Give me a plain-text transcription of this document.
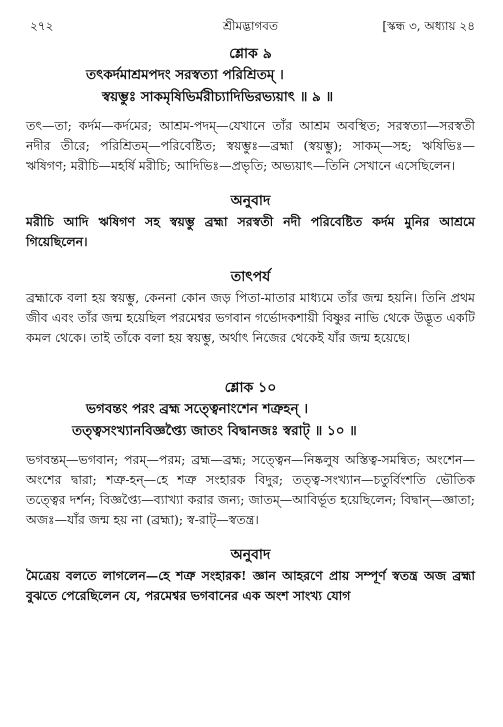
২৭২	শ্রীমদ্ভাগবত	[স্কন্ধ ৩, অধ্যায় ২৪
শ্লোক ৯
তৎকর্দমাশ্রমপদং সরস্বত্যা পরিশ্রিতম্‌ ।
স্বয়ম্ভুঃ সাকমৃষিভির্মরীচ্যাদিভিরভ্যয়াৎ ॥ ৯ ॥
তৎ—তা; কর্দম—কর্দমের; আশ্রম-পদম্‌—যেখানে তাঁর আশ্রম অবস্থিত; সরস্বত্যা—সরস্বতী নদীর তীরে; পরিশ্রিতম্‌—পরিবেষ্টিত; স্বয়ম্ভুঃ—ব্রহ্মা (স্বয়ম্ভু); সাকম্‌—সহ; ঋষিভিঃ—ঋষিগণ; মরীচি—মহর্ষি মরীচি; আদিভিঃ—প্রভৃতি; অভ্যয়াৎ—তিনি সেখানে এসেছিলেন।
অনুবাদ
মরীচি আদি ঋষিগণ সহ স্বয়ম্ভু ব্রহ্মা সরস্বতী নদী পরিবেষ্টিত কর্দম মুনির আশ্রমে গিয়েছিলেন।
তাৎপর্য
ব্রহ্মাকে বলা হয় স্বয়ম্ভু, কেননা কোন জড় পিতা-মাতার মাধ্যমে তাঁর জন্ম হয়নি। তিনি প্রথম জীব এবং তাঁর জন্ম হয়েছিল পরমেশ্বর ভগবান গর্ভোদকশায়ী বিষ্ণুর নাভি থেকে উদ্ভূত একটি কমল থেকে। তাই তাঁকে বলা হয় স্বয়ম্ভু, অর্থাৎ নিজের থেকেই যাঁর জন্ম হয়েছে।
শ্লোক ১০
ভগবন্তং পরং ব্রহ্ম সত্ত্বেনাংশেন শত্রুহন্‌ ।
তত্ত্বসংখ্যানবিজ্ঞপ্ত্যৈ জাতং বিদ্বানজঃ স্বরাট্‌ ॥ ১০ ॥
ভগবন্তম্‌—ভগবান; পরম্‌—পরম; ব্রহ্ম—ব্রহ্ম; সত্ত্বেন—নিষ্কলুষ অস্তিত্ব-সমন্বিত; অংশেন—অংশের দ্বারা; শত্রু-হন্‌—হে শত্রু সংহারক বিদুর; তত্ত্ব-সংখ্যান—চতুর্বিংশতি ভৌতিক তত্ত্বের দর্শন; বিজ্ঞপ্ত্যৈ—ব্যাখ্যা করার জন্য; জাতম্‌—আবির্ভূত হয়েছিলেন; বিদ্বান্‌—জ্ঞাতা; অজঃ—যাঁর জন্ম হয় না (ব্রহ্মা); স্ব-রাট্‌—স্বতন্ত্র।
অনুবাদ
মৈত্রেয় বলতে লাগলেন—হে শত্রু সংহারক! জ্ঞান আহরণে প্রায় সম্পূর্ণ স্বতন্ত্র অজ ব্রহ্মা বুঝতে পেরেছিলেন যে, পরমেশ্বর ভগবানের এক অংশ সাংখ্য যোগ
